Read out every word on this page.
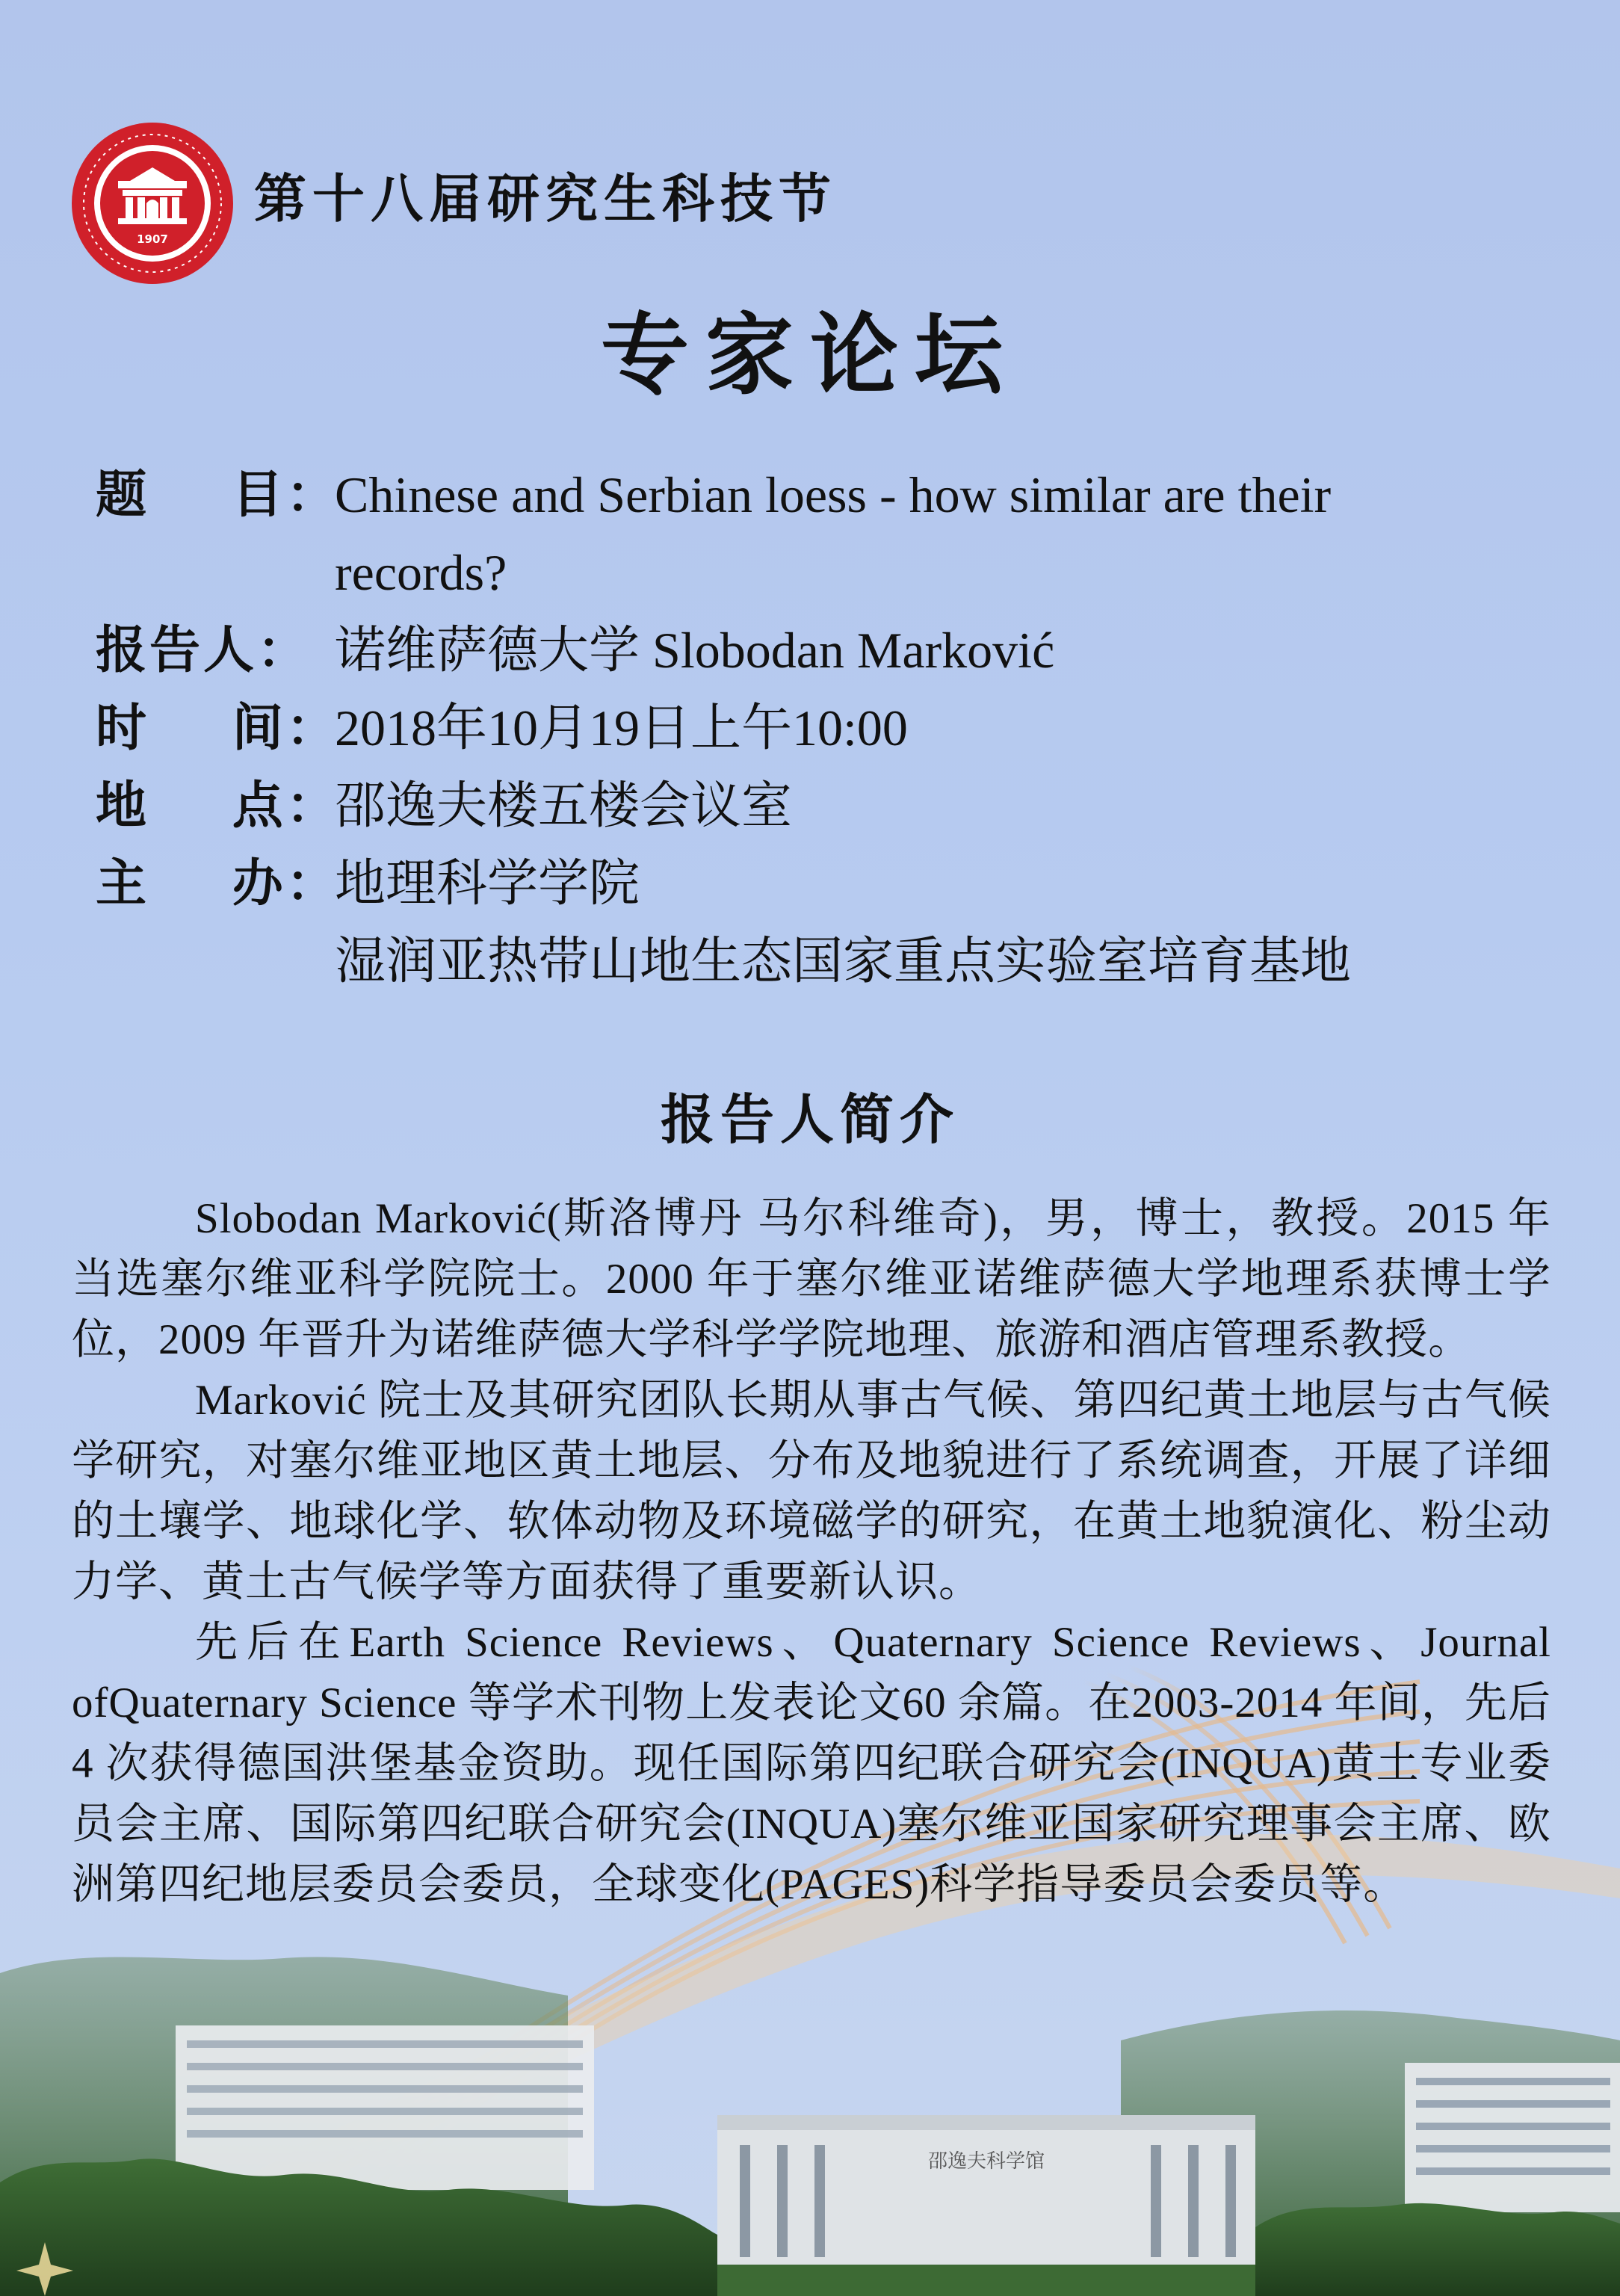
1907
第十八届研究生科技节
专家论坛
题    目：
Chinese and Serbian loess - how similar are their
records?
报告人： 诺维萨德大学 Slobodan Marković
时    间：
2018年10月19日上午10:00
地    点：
邵逸夫楼五楼会议室
主    办：
地理科学学院
湿润亚热带山地生态国家重点实验室培育基地
报告人简介

Slobodan Marković(斯洛博丹 马尔科维奇)，男，博士，教授。2015 年当选塞尔维亚科学院院士。2000 年于塞尔维亚诺维萨德大学地理系获博士学位，2009 年晋升为诺维萨德大学科学学院地理、旅游和酒店管理系教授。

Marković 院士及其研究团队长期从事古气候、第四纪黄土地层与古气候学研究，对塞尔维亚地区黄土地层、分布及地貌进行了系统调查，开展了详细的土壤学、地球化学、软体动物及环境磁学的研究，在黄土地貌演化、粉尘动力学、黄土古气候学等方面获得了重要新认识。

先后在Earth Science Reviews、Quaternary Science Reviews、Journal ofQuaternary Science 等学术刊物上发表论文60 余篇。在2003-2014 年间，先后4 次获得德国洪堡基金资助。现任国际第四纪联合研究会(INQUA)黄土专业委员会主席、国际第四纪联合研究会(INQUA)塞尔维亚国家研究理事会主席、欧洲第四纪地层委员会委员，全球变化(PAGES)科学指导委员会委员等。

邵逸夫科学馆
